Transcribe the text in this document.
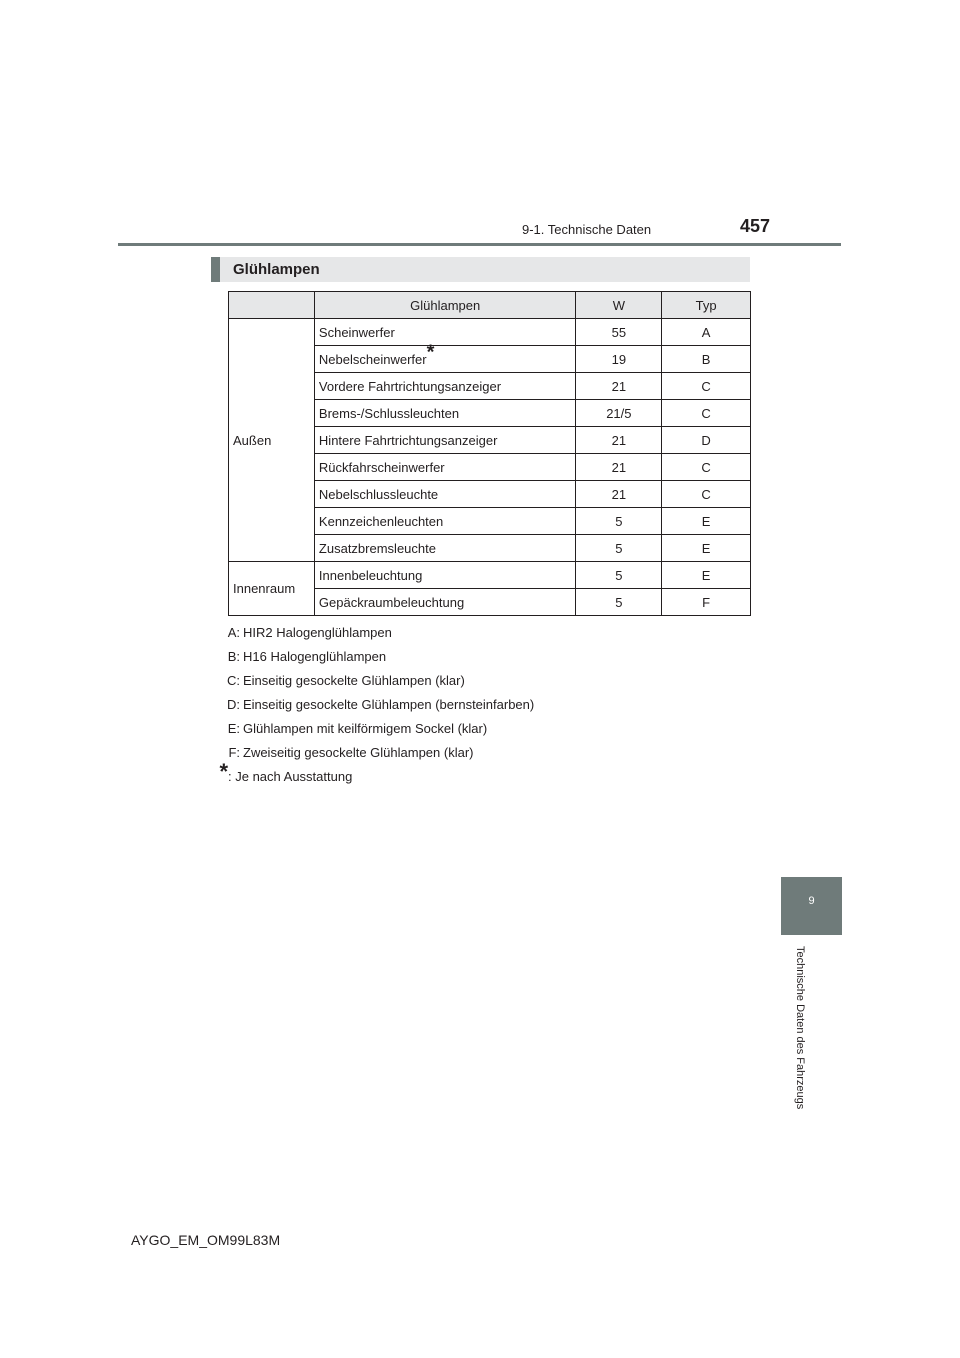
9-1. Technische Daten	457
Glühlampen
	Glühlampen	W	Typ
Außen	Scheinwerfer	55	A
	Nebelscheinwerfer*	19	B
	Vordere Fahrtrichtungsanzeiger	21	C
	Brems-/Schlussleuchten	21/5	C
	Hintere Fahrtrichtungsanzeiger	21	D
	Rückfahrscheinwerfer	21	C
	Nebelschlussleuchte	21	C
	Kennzeichenleuchten	5	E
	Zusatzbremsleuchte	5	E
Innenraum	Innenbeleuchtung	5	E
	Gepäckraumbeleuchtung	5	F
A: HIR2 Halogenglühlampen
B: H16 Halogenglühlampen
C: Einseitig gesockelte Glühlampen (klar)
D: Einseitig gesockelte Glühlampen (bernsteinfarben)
E: Glühlampen mit keilförmigem Sockel (klar)
F: Zweiseitig gesockelte Glühlampen (klar)
* : Je nach Ausstattung
9
Technische Daten des Fahrzeugs
AYGO_EM_OM99L83M
